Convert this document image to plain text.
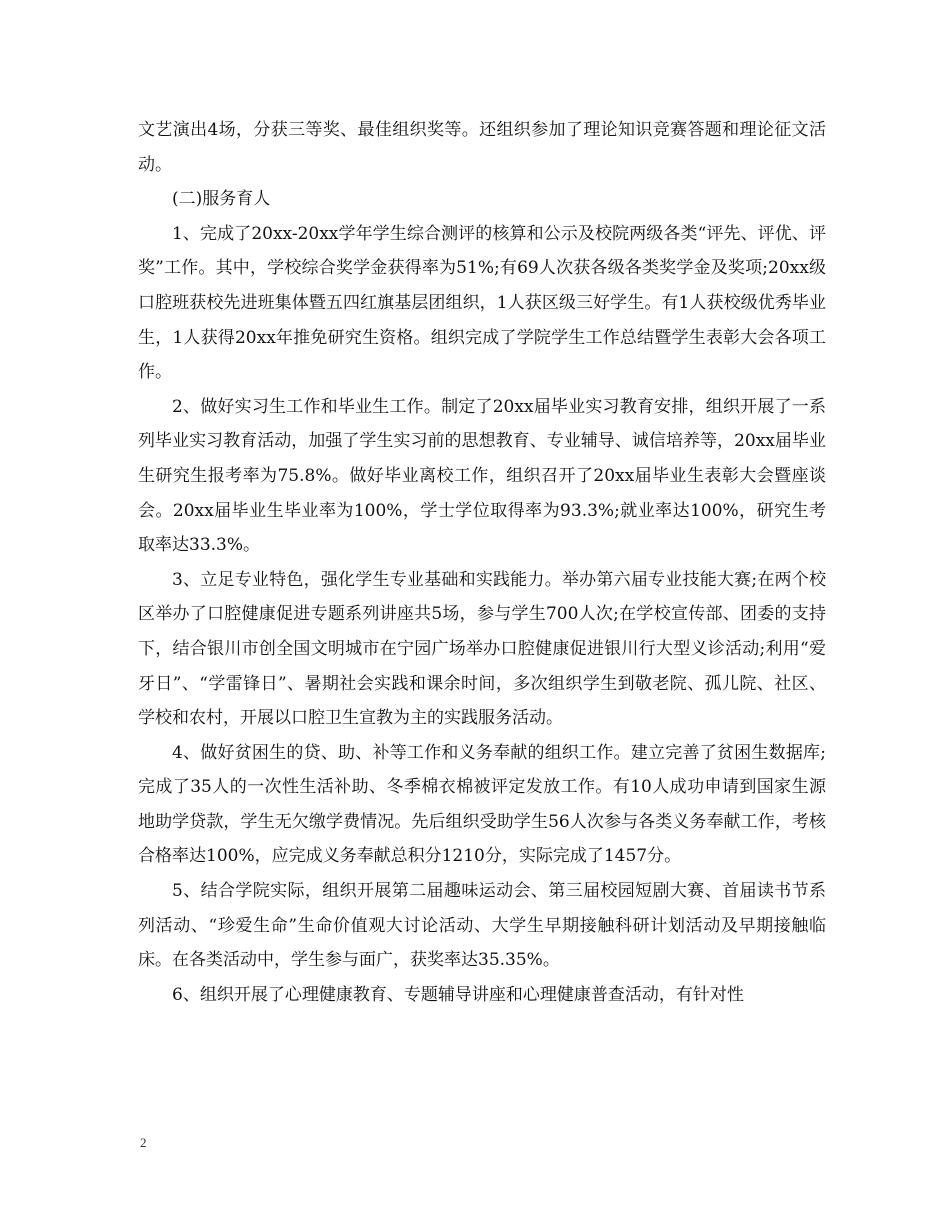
文艺演出4场，分获三等奖、最佳组织奖等。还组织参加了理论知识竞赛答题和理论征文活动。

(二)服务育人

1、完成了20xx-20xx学年学生综合测评的核算和公示及校院两级各类“评先、评优、评奖”工作。其中，学校综合奖学金获得率为51%;有69人次获各级各类奖学金及奖项;20xx级口腔班获校先进班集体暨五四红旗基层团组织，1人获区级三好学生。有1人获校级优秀毕业生，1人获得20xx年推免研究生资格。组织完成了学院学生工作总结暨学生表彰大会各项工作。

2、做好实习生工作和毕业生工作。制定了20xx届毕业实习教育安排，组织开展了一系列毕业实习教育活动，加强了学生实习前的思想教育、专业辅导、诚信培养等，20xx届毕业生研究生报考率为75.8%。做好毕业离校工作，组织召开了20xx届毕业生表彰大会暨座谈会。20xx届毕业生毕业率为100%，学士学位取得率为93.3%;就业率达100%，研究生考取率达33.3%。

3、立足专业特色，强化学生专业基础和实践能力。举办第六届专业技能大赛;在两个校区举办了口腔健康促进专题系列讲座共5场，参与学生700人次;在学校宣传部、团委的支持下，结合银川市创全国文明城市在宁园广场举办口腔健康促进银川行大型义诊活动;利用“爱牙日”、“学雷锋日”、暑期社会实践和课余时间，多次组织学生到敬老院、孤儿院、社区、学校和农村，开展以口腔卫生宣教为主的实践服务活动。

4、做好贫困生的贷、助、补等工作和义务奉献的组织工作。建立完善了贫困生数据库;完成了35人的一次性生活补助、冬季棉衣棉被评定发放工作。有10人成功申请到国家生源地助学贷款，学生无欠缴学费情况。先后组织受助学生56人次参与各类义务奉献工作，考核合格率达100%，应完成义务奉献总积分1210分，实际完成了1457分。

5、结合学院实际，组织开展第二届趣味运动会、第三届校园短剧大赛、首届读书节系列活动、“珍爱生命”生命价值观大讨论活动、大学生早期接触科研计划活动及早期接触临床。在各类活动中，学生参与面广，获奖率达35.35%。

6、组织开展了心理健康教育、专题辅导讲座和心理健康普查活动，有针对性

2
